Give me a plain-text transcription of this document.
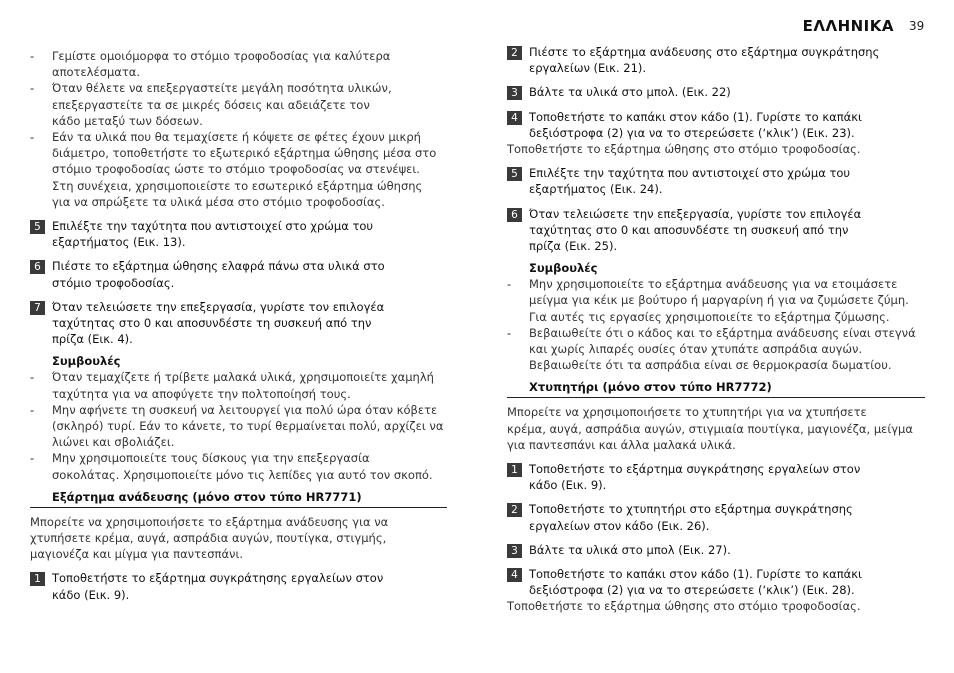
ΕΛΛΗΝΙΚΑ 39
- Γεμίστε ομοιόμορφα το στόμιο τροφοδοσίας για καλύτερα
αποτελέσματα.
- Όταν θέλετε να επεξεργαστείτε μεγάλη ποσότητα υλικών,
επεξεργαστείτε τα σε μικρές δόσεις και αδειάζετε τον
κάδο μεταξύ των δόσεων.
- Εάν τα υλικά που θα τεμαχίσετε ή κόψετε σε φέτες έχουν μικρή
διάμετρο, τοποθετήστε το εξωτερικό εξάρτημα ώθησης μέσα στο
στόμιο τροφοδοσίας ώστε το στόμιο τροφοδοσίας να στενέψει.
Στη συνέχεια, χρησιμοποιείστε το εσωτερικό εξάρτημα ώθησης
για να σπρώξετε τα υλικά μέσα στο στόμιο τροφοδοσίας.
5 Επιλέξτε την ταχύτητα που αντιστοιχεί στο χρώμα του
εξαρτήματος (Εικ. 13).
6 Πιέστε το εξάρτημα ώθησης ελαφρά πάνω στα υλικά στο
στόμιο τροφοδοσίας.
7 Όταν τελειώσετε την επεξεργασία, γυρίστε τον επιλογέα
ταχύτητας στο 0 και αποσυνδέστε τη συσκευή από την
πρίζα (Εικ. 4).
Συμβουλές
- Όταν τεμαχίζετε ή τρίβετε μαλακά υλικά, χρησιμοποιείτε χαμηλή
ταχύτητα για να αποφύγετε την πολτοποίησή τους.
- Μην αφήνετε τη συσκευή να λειτουργεί για πολύ ώρα όταν κόβετε
(σκληρό) τυρί. Εάν το κάνετε, το τυρί θερμαίνεται πολύ, αρχίζει να
λιώνει και σβολιάζει.
- Μην χρησιμοποιείτε τους δίσκους για την επεξεργασία
σοκολάτας. Χρησιμοποιείτε μόνο τις λεπίδες για αυτό τον σκοπό.
Εξάρτημα ανάδευσης (μόνο στον τύπο HR7771)
Μπορείτε να χρησιμοποιήσετε το εξάρτημα ανάδευσης για να
χτυπήσετε κρέμα, αυγά, ασπράδια αυγών, πουτίγκα, στιγμής,
μαγιονέζα και μίγμα για παντεσπάνι.
1 Τοποθετήστε το εξάρτημα συγκράτησης εργαλείων στον
κάδο (Εικ. 9).
2 Πιέστε το εξάρτημα ανάδευσης στο εξάρτημα συγκράτησης
εργαλείων (Εικ. 21).
3 Βάλτε τα υλικά στο μπολ. (Εικ. 22)
4 Τοποθετήστε το καπάκι στον κάδο (1). Γυρίστε το καπάκι
δεξιόστροφα (2) για να το στερεώσετε (‘κλικ’) (Εικ. 23).
Τοποθετήστε το εξάρτημα ώθησης στο στόμιο τροφοδοσίας.
5 Επιλέξτε την ταχύτητα που αντιστοιχεί στο χρώμα του
εξαρτήματος (Εικ. 24).
6 Όταν τελειώσετε την επεξεργασία, γυρίστε τον επιλογέα
ταχύτητας στο 0 και αποσυνδέστε τη συσκευή από την
πρίζα (Εικ. 25).
Συμβουλές
- Μην χρησιμοποιείτε το εξάρτημα ανάδευσης για να ετοιμάσετε
μείγμα για κέικ με βούτυρο ή μαργαρίνη ή για να ζυμώσετε ζύμη.
Για αυτές τις εργασίες χρησιμοποιείτε το εξάρτημα ζύμωσης.
- Βεβαιωθείτε ότι ο κάδος και το εξάρτημα ανάδευσης είναι στεγνά
και χωρίς λιπαρές ουσίες όταν χτυπάτε ασπράδια αυγών.
Βεβαιωθείτε ότι τα ασπράδια είναι σε θερμοκρασία δωματίου.
Χτυπητήρι (μόνο στον τύπο HR7772)
Μπορείτε να χρησιμοποιήσετε το χτυπητήρι για να χτυπήσετε
κρέμα, αυγά, ασπράδια αυγών, στιγμιαία πουτίγκα, μαγιονέζα, μείγμα
για παντεσπάνι και άλλα μαλακά υλικά.
1 Τοποθετήστε το εξάρτημα συγκράτησης εργαλείων στον
κάδο (Εικ. 9).
2 Τοποθετήστε το χτυπητήρι στο εξάρτημα συγκράτησης
εργαλείων στον κάδο (Εικ. 26).
3 Βάλτε τα υλικά στο μπολ (Εικ. 27).
4 Τοποθετήστε το καπάκι στον κάδο (1). Γυρίστε το καπάκι
δεξιόστροφα (2) για να το στερεώσετε (‘κλικ’) (Εικ. 28).
Τοποθετήστε το εξάρτημα ώθησης στο στόμιο τροφοδοσίας.
